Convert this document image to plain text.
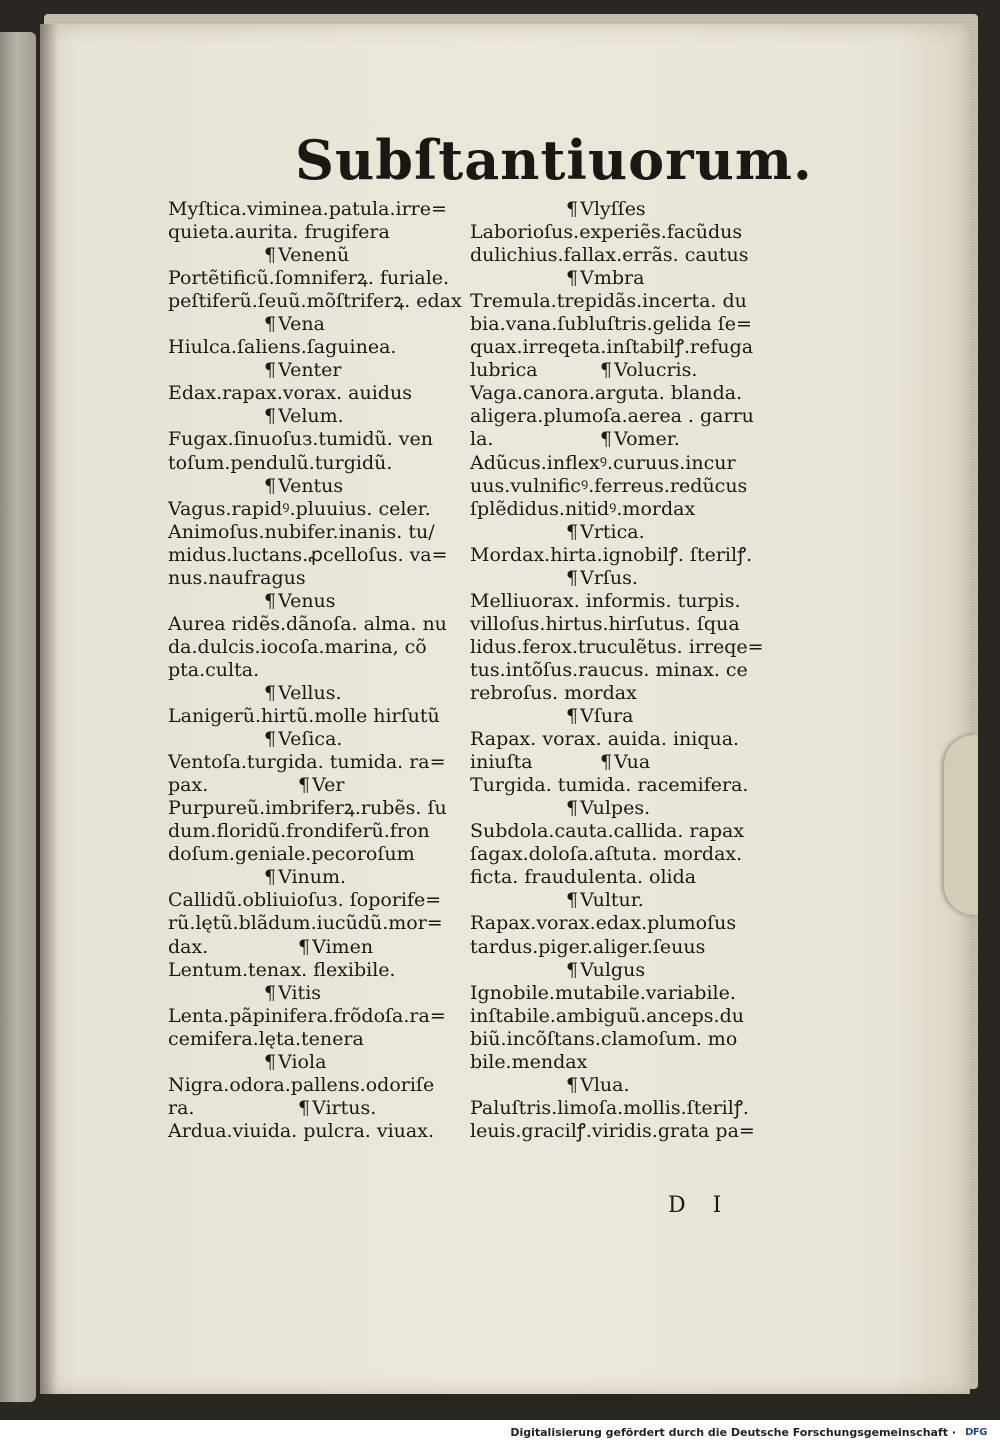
Subſtantiuorum.
Myſtica.viminea.patula.irre=
quieta.aurita. frugifera
¶ Venenũ
Portẽtificũ.ſomniferꝝ. furiale.
peſtiferũ.ſeuũ.mõſtriferꝝ. edax
¶ Vena
Hiulca.ſaliens.ſaguinea.
¶ Venter
Edax.rapax.vorax. auidus
¶ Velum.
Fugax.ſinuoſuз.tumidũ. ven
toſum.pendulũ.turgidũ.
¶ Ventus
Vagus.rapidꝰ.pluuius. celer.
Animoſus.nubifer.inanis. tu/
midus.luctans.ꝓcelloſus. va=
nus.naufragus
¶ Venus
Aurea ridẽs.dãnoſa. alma. nu
da.dulcis.iocoſa.marina, cõ
pta.culta.
¶ Vellus.
Lanigerũ.hirtũ.molle hirſutũ
¶ Veſica.
Ventoſa.turgida. tumida. ra=
pax.	¶ Ver
Purpureũ.imbriferꝝ.rubẽs. ſu
dum.floridũ.frondiferũ.fron
doſum.geniale.pecoroſum
¶ Vinum.
Callidũ.obliuioſuз. ſoporife=
rũ.lętũ.blãdum.iucũdũ.mor=
dax.	¶ Vimen
Lentum.tenax. flexibile.
¶ Vitis
Lenta.pãpinifera.frõdoſa.ra=
cemifera.lęta.tenera
¶ Viola
Nigra.odora.pallens.odoriſe
ra.	¶ Virtus.
Ardua.viuida. pulcra. viuax.
¶ Vlyſſes
Laborioſus.experiẽs.facũdus
dulichius.fallax.errãs. cautus
¶ Vmbra
Tremula.trepidãs.incerta. du
bia.vana.ſubluſtris.gelida ſe=
quax.irreqeta.inſtabilꝭ.refuga
lubrica	¶ Volucris.
Vaga.canora.arguta. blanda.
aligera.plumoſa.aerea . garru
la.	¶ Vomer.
Adũcus.inflexꝰ.curuus.incur
uus.vulnificꝰ.ferreus.redũcus
ſplẽdidus.nitidꝰ.mordax
¶ Vrtica.
Mordax.hirta.ignobilꝭ. ſterilꝭ.
¶ Vrſus.
Melliuorax. informis. turpis.
villoſus.hirtus.hirſutus. ſqua
lidus.ferox.truculẽtus. irreqe=
tus.intõſus.raucus. minax. ce
rebroſus. mordax
¶ Vſura
Rapax. vorax. auida. iniqua.
iniuſta	¶ Vua
Turgida. tumida. racemifera.
¶ Vulpes.
Subdola.cauta.callida. rapax
ſagax.doloſa.aſtuta. mordax.
ficta. fraudulenta. olida
¶ Vultur.
Rapax.vorax.edax.plumoſus
tardus.piger.aliger.ſeuus
¶ Vulgus
Ignobile.mutabile.variabile.
inſtabile.ambiguũ.anceps.du
biũ.incõſtans.clamoſum. mo
bile.mendax
¶ Vlua.
Paluſtris.limoſa.mollis.ſterilꝭ.
leuis.gracilꝭ.viridis.grata pa=
D I
Digitalisierung gefördert durch die Deutsche Forschungsgemeinschaft · DFG
